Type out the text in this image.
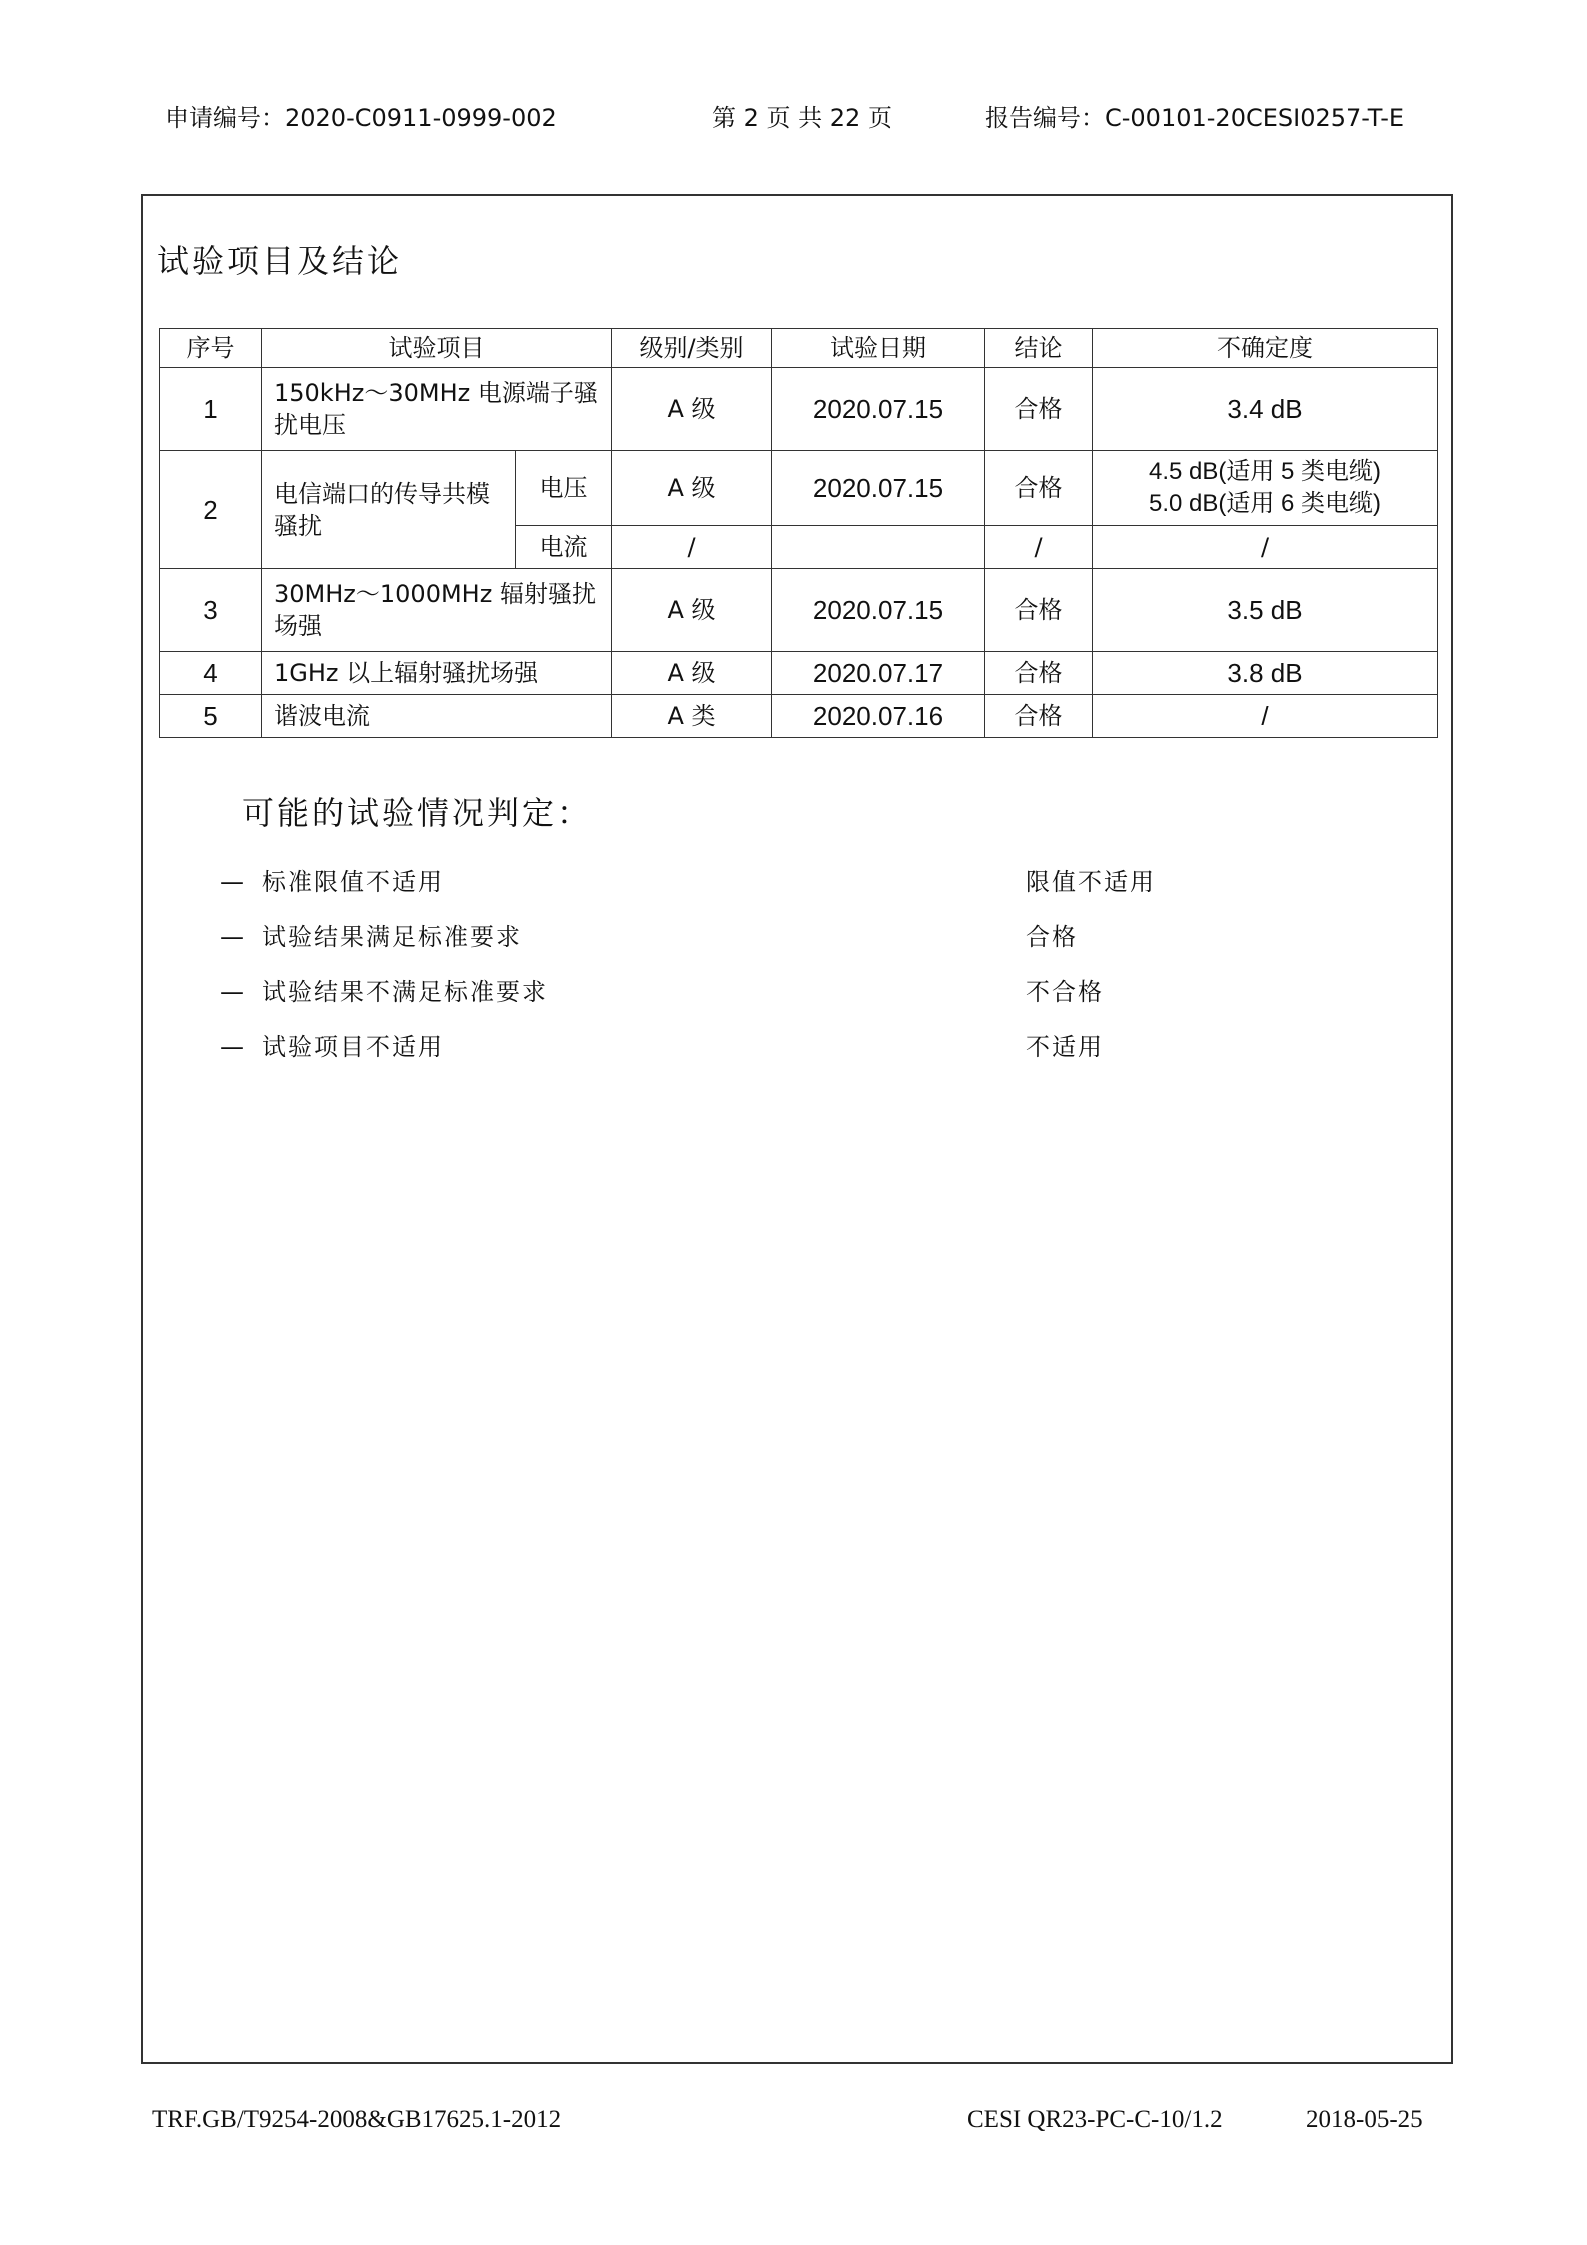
申请编号：2020-C0911-0999-002	第 2 页 共 22 页	报告编号：C-00101-20CESI0257-T-E
试验项目及结论
序号	试验项目		级别/类别	试验日期	结论	不确定度
1	150kHz～30MHz 电源端子骚扰电压		A 级	2020.07.15	合格	3.4 dB
2	电信端口的传导共模骚扰	电压	A 级	2020.07.15	合格	4.5 dB(适用 5 类电缆)
5.0 dB(适用 6 类电缆)

		电流	/		/	/
3	30MHz～1000MHz 辐射骚扰场强		A 级	2020.07.15	合格	3.5 dB
4	1GHz 以上辐射骚扰场强		A 级	2020.07.17	合格	3.8 dB
5	谐波电流		A 类	2020.07.16	合格	/
可能的试验情况判定：
— 标准限值不适用	限值不适用
— 试验结果满足标准要求	合格
— 试验结果不满足标准要求	不合格
— 试验项目不适用	不适用
TRF.GB/T9254-2008&GB17625.1-2012	CESI QR23-PC-C-10/1.2	2018-05-25
